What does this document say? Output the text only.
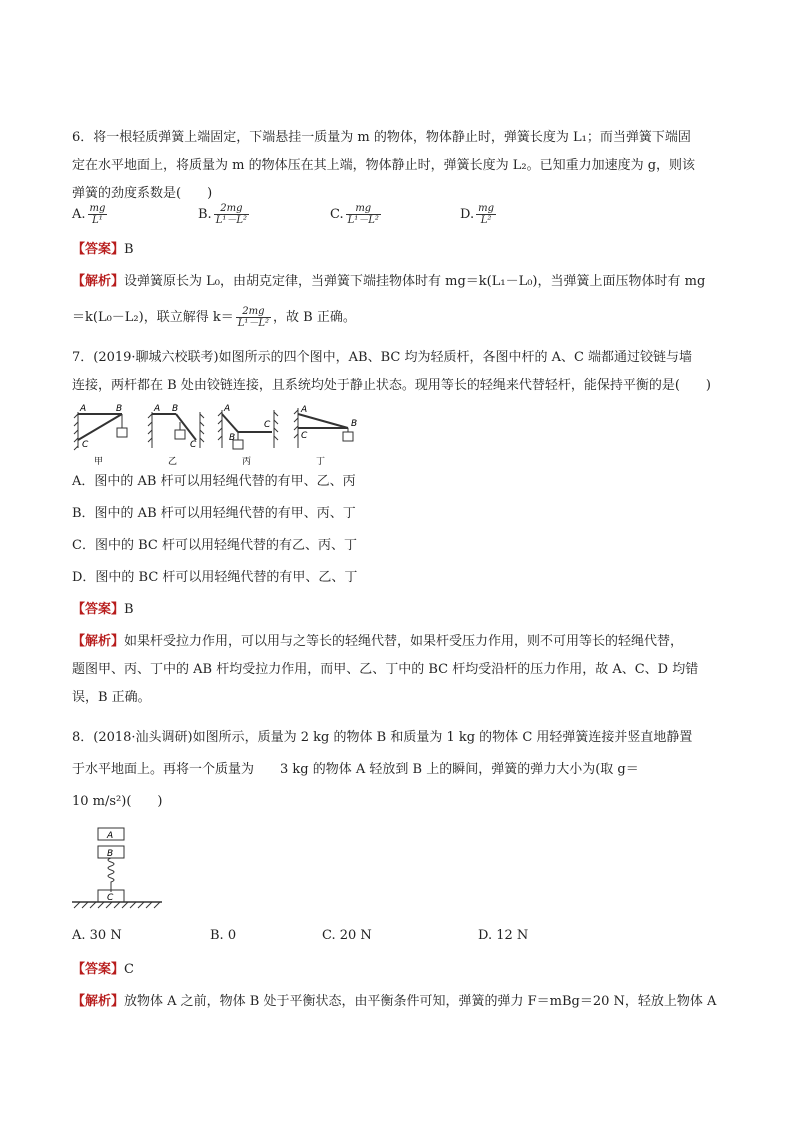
6．将一根轻质弹簧上端固定，下端悬挂一质量为 m 的物体，物体静止时，弹簧长度为 L₁；而当弹簧下端固
定在水平地面上，将质量为 m 的物体压在其上端，物体静止时，弹簧长度为 L₂。已知重力加速度为 g，则该
弹簧的劲度系数是(　　)
A. $\frac{mg}{\text{L¹}}$	B. $\frac{2mg}{\text{L¹－L²}}$	C. $\frac{mg}{\text{L¹－L²}}$	D. $\frac{mg}{\text{L²}}$
【答案】B
【解析】设弹簧原长为 L₀，由胡克定律，当弹簧下端挂物体时有 mg＝k(L₁－L₀)，当弹簧上面压物体时有 mg
＝k(L₀－L₂)，联立解得 $k= \frac{2mg}{\text{L¹－L²}}$ ，故 B 正确。
7．(2019·聊城六校联考)如图所示的四个图中，AB、BC 均为轻质杆，各图中杆的 A、C 端都通过铰链与墙
连接，两杆都在 B 处由铰链连接，且系统均处于静止状态。现用等长的轻绳来代替轻杆，能保持平衡的是(　　)
A	B
C
甲
A B
C
乙
A
B
C
丙
A
B
C
丁
A．图中的 AB 杆可以用轻绳代替的有甲、乙、丙
B．图中的 AB 杆可以用轻绳代替的有甲、丙、丁
C．图中的 BC 杆可以用轻绳代替的有乙、丙、丁
D．图中的 BC 杆可以用轻绳代替的有甲、乙、丁
【答案】B
【解析】如果杆受拉力作用，可以用与之等长的轻绳代替，如果杆受压力作用，则不可用等长的轻绳代替，
题图甲、丙、丁中的 AB 杆均受拉力作用，而甲、乙、丁中的 BC 杆均受沿杆的压力作用，故 A、C、D 均错
误，B 正确。
8．(2018·汕头调研)如图所示，质量为 2 kg 的物体 B 和质量为 1 kg 的物体 C 用轻弹簧连接并竖直地静置
于水平地面上。再将一个质量为　　3 kg 的物体 A 轻放到 B 上的瞬间，弹簧的弹力大小为(取 g＝
10 m/s²)(　　)
A
B
C
A. 30 N	B. 0	C. 20 N	D. 12 N
【答案】C
【解析】放物体 A 之前，物体 B 处于平衡状态，由平衡条件可知，弹簧的弹力 F＝mBg＝20 N，轻放上物体 A
